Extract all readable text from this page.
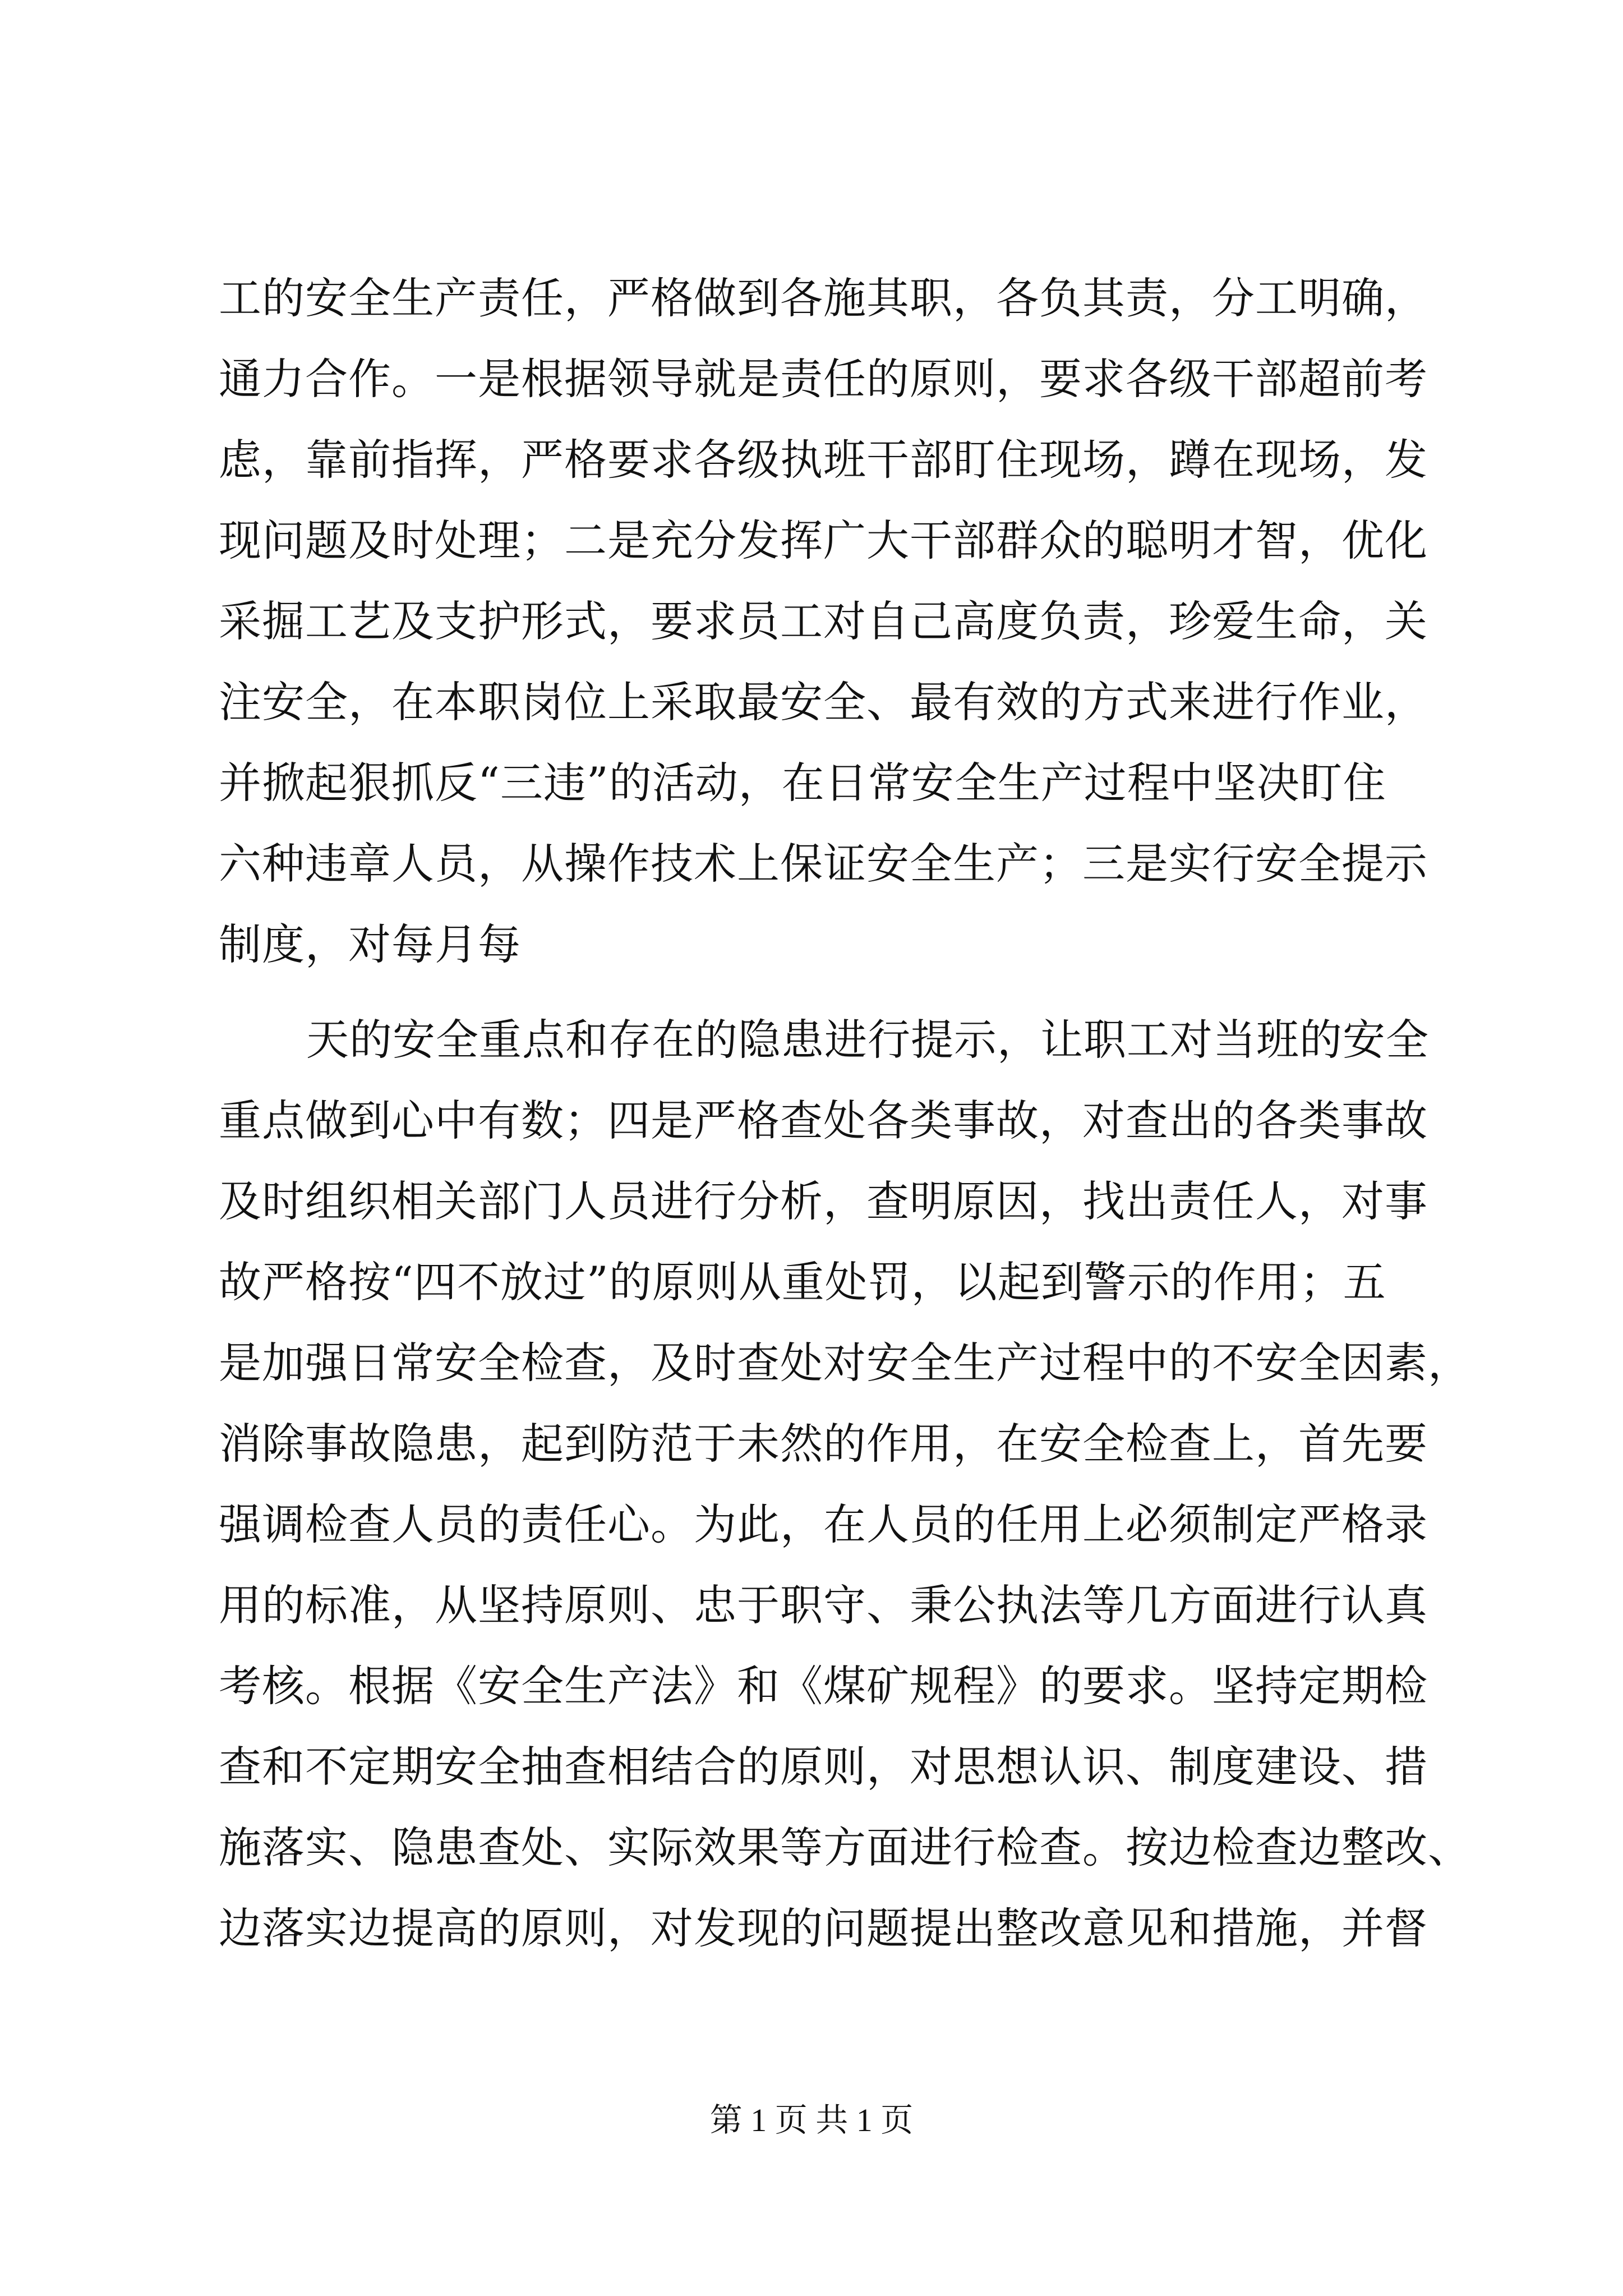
工的安全生产责任，严格做到各施其职，各负其责，分工明确，
通力合作。一是根据领导就是责任的原则，要求各级干部超前考
虑，靠前指挥，严格要求各级执班干部盯住现场，蹲在现场，发
现问题及时处理；二是充分发挥广大干部群众的聪明才智，优化
采掘工艺及支护形式，要求员工对自己高度负责，珍爱生命，关
注安全，在本职岗位上采取最安全、最有效的方式来进行作业，
并掀起狠抓反“三违”的活动，在日常安全生产过程中坚决盯住
六种违章人员，从操作技术上保证安全生产；三是实行安全提示
制度，对每月每
天的安全重点和存在的隐患进行提示，让职工对当班的安全
重点做到心中有数；四是严格查处各类事故，对查出的各类事故
及时组织相关部门人员进行分析，查明原因，找出责任人，对事
故严格按“四不放过”的原则从重处罚，以起到警示的作用；五
是加强日常安全检查，及时查处对安全生产过程中的不安全因素，
消除事故隐患，起到防范于未然的作用，在安全检查上，首先要
强调检查人员的责任心。为此，在人员的任用上必须制定严格录
用的标准，从坚持原则、忠于职守、秉公执法等几方面进行认真
考核。根据《安全生产法》和《煤矿规程》的要求。坚持定期检
查和不定期安全抽查相结合的原则，对思想认识、制度建设、措
施落实、隐患查处、实际效果等方面进行检查。按边检查边整改、
边落实边提高的原则，对发现的问题提出整改意见和措施，并督
第 1 页 共 1 页
